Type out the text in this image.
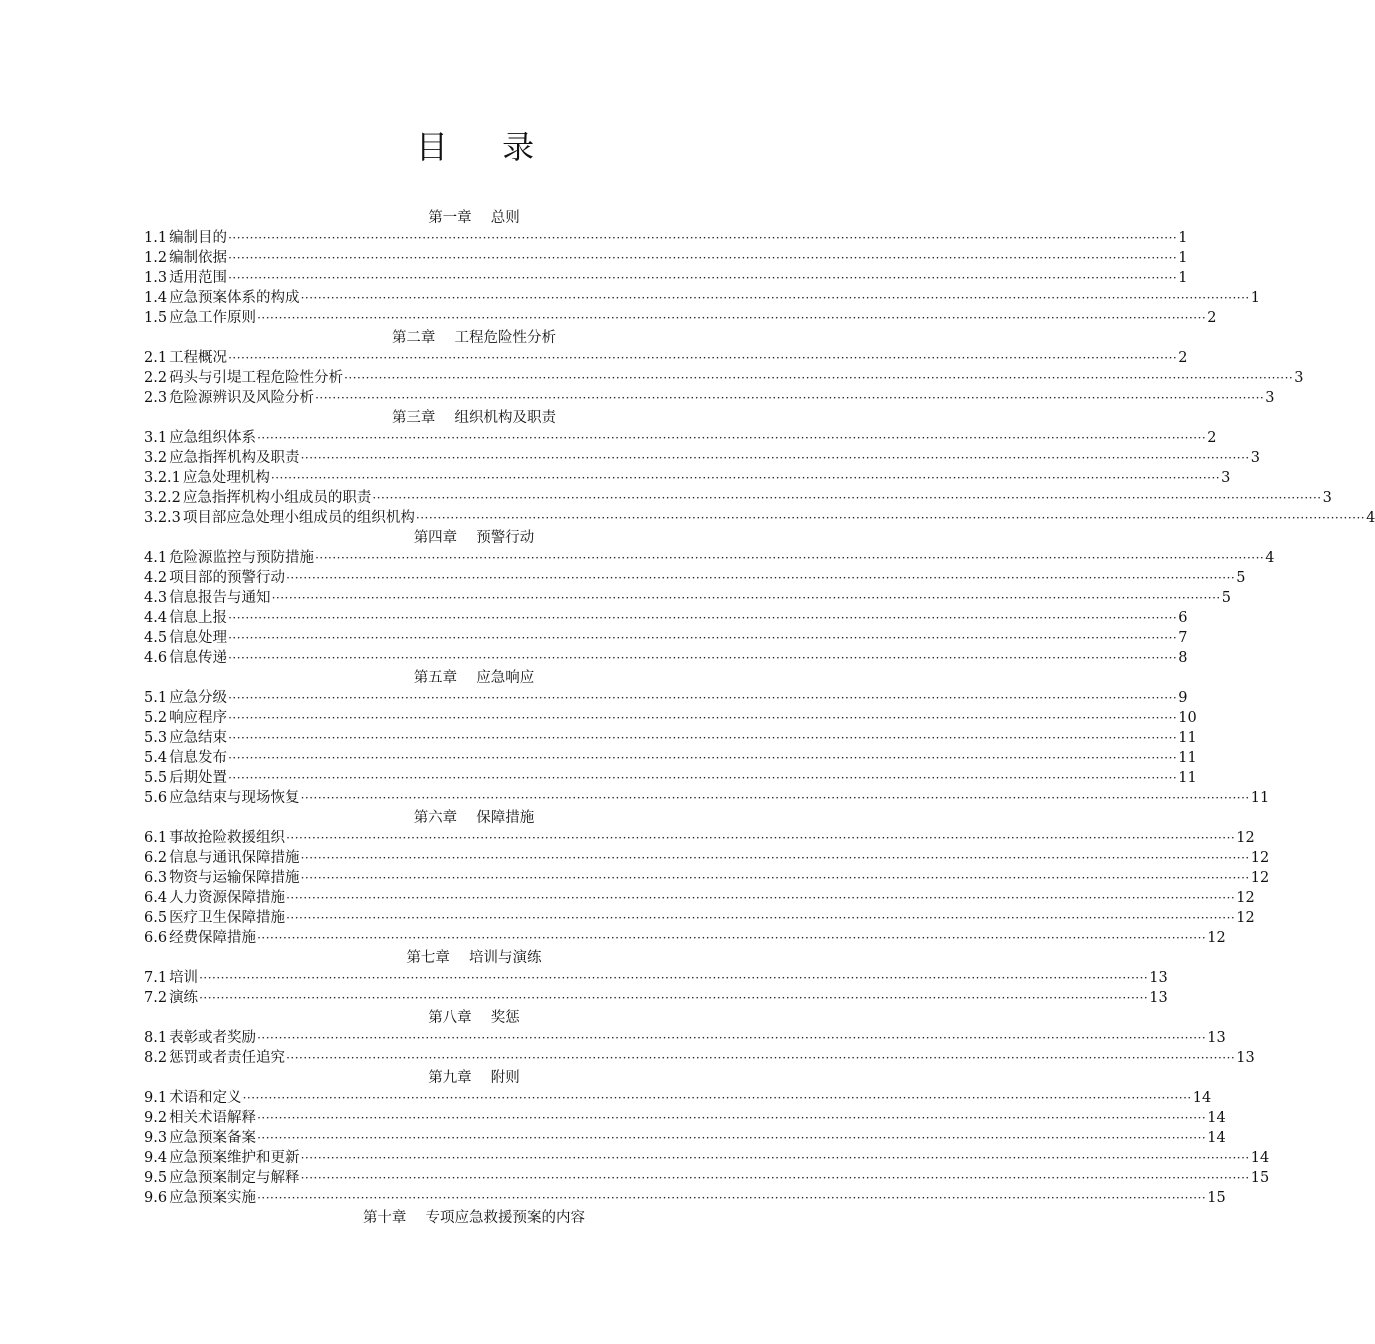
目 录
第一章　 总则
1.1 编制目的 ···························································································································································································································· 1
1.2 编制依据 ···························································································································································································································· 1
1.3 适用范围 ···························································································································································································································· 1
1.4 应急预案体系的构成 ···························································································································································································································· 1
1.5 应急工作原则 ···························································································································································································································· 2
第二章　 工程危险性分析
2.1 工程概况 ···························································································································································································································· 2
2.2 码头与引堤工程危险性分析 ···························································································································································································································· 3
2.3 危险源辨识及风险分析 ···························································································································································································································· 3
第三章　 组织机构及职责
3.1 应急组织体系 ···························································································································································································································· 2
3.2 应急指挥机构及职责 ···························································································································································································································· 3
3.2.1 应急处理机构 ···························································································································································································································· 3
3.2.2 应急指挥机构小组成员的职责 ···························································································································································································································· 3
3.2.3 项目部应急处理小组成员的组织机构 ···························································································································································································································· 4
第四章　 预警行动
4.1 危险源监控与预防措施 ···························································································································································································································· 4
4.2 项目部的预警行动 ···························································································································································································································· 5
4.3 信息报告与通知 ···························································································································································································································· 5
4.4 信息上报 ···························································································································································································································· 6
4.5 信息处理 ···························································································································································································································· 7
4.6 信息传递 ···························································································································································································································· 8
第五章　 应急响应
5.1 应急分级 ···························································································································································································································· 9
5.2 响应程序 ···························································································································································································································· 10
5.3 应急结束 ···························································································································································································································· 11
5.4 信息发布 ···························································································································································································································· 11
5.5 后期处置 ···························································································································································································································· 11
5.6 应急结束与现场恢复 ···························································································································································································································· 11
第六章　 保障措施
6.1 事故抢险救援组织 ···························································································································································································································· 12
6.2 信息与通讯保障措施 ···························································································································································································································· 12
6.3 物资与运输保障措施 ···························································································································································································································· 12
6.4 人力资源保障措施 ···························································································································································································································· 12
6.5 医疗卫生保障措施 ···························································································································································································································· 12
6.6 经费保障措施 ···························································································································································································································· 12
第七章　 培训与演练
7.1 培训 ···························································································································································································································· 13
7.2 演练 ···························································································································································································································· 13
第八章　 奖惩
8.1 表彰或者奖励 ···························································································································································································································· 13
8.2 惩罚或者责任追究 ···························································································································································································································· 13
第九章　 附则
9.1 术语和定义 ···························································································································································································································· 14
9.2 相关术语解释 ···························································································································································································································· 14
9.3 应急预案备案 ···························································································································································································································· 14
9.4 应急预案维护和更新 ···························································································································································································································· 14
9.5 应急预案制定与解释 ···························································································································································································································· 15
9.6 应急预案实施 ···························································································································································································································· 15
第十章　 专项应急救援预案的内容
